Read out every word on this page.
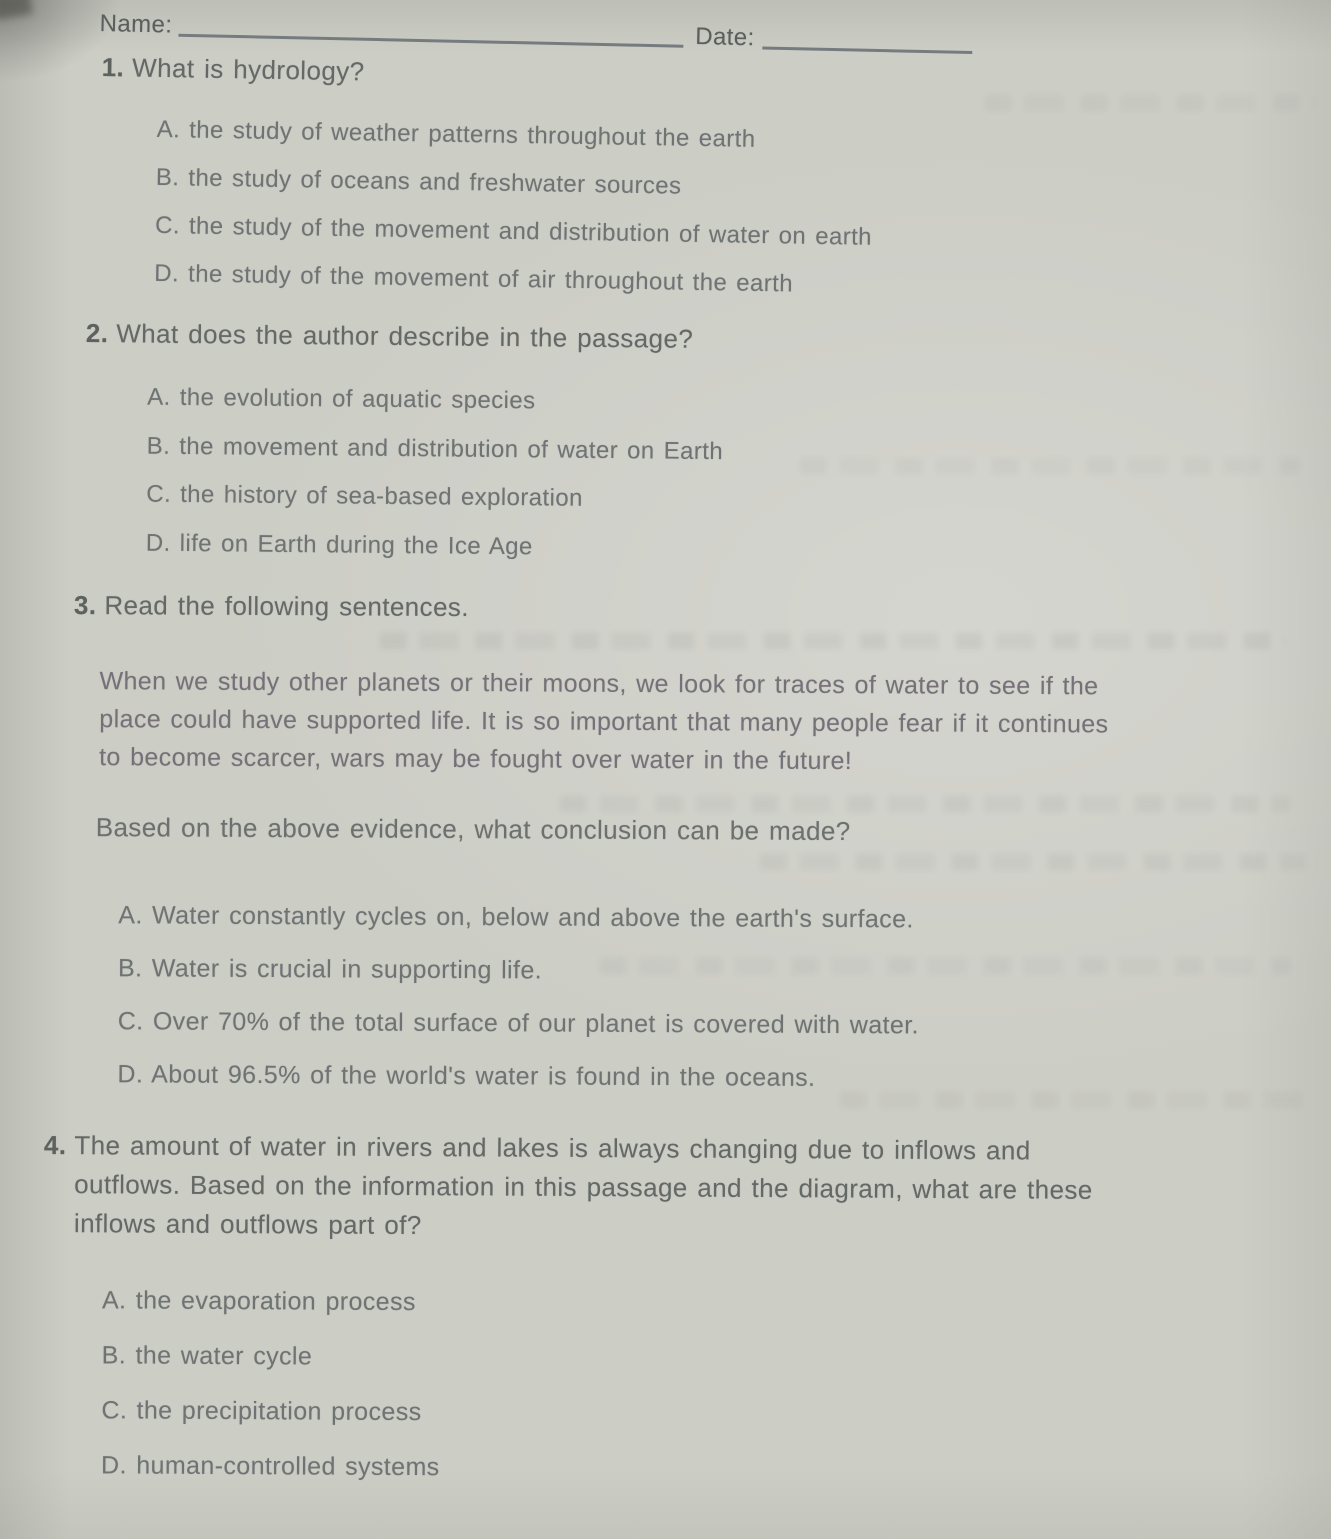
Name:	Date:
1. What is hydrology?
A. the study of weather patterns throughout the earth
B. the study of oceans and freshwater sources
C. the study of the movement and distribution of water on earth
D. the study of the movement of air throughout the earth
2. What does the author describe in the passage?
A. the evolution of aquatic species
B. the movement and distribution of water on Earth
C. the history of sea-based exploration
D. life on Earth during the Ice Age
3. Read the following sentences.
When we study other planets or their moons, we look for traces of water to see if the
place could have supported life. It is so important that many people fear if it continues
to become scarcer, wars may be fought over water in the future!
Based on the above evidence, what conclusion can be made?
A. Water constantly cycles on, below and above the earth's surface.
B. Water is crucial in supporting life.
C. Over 70% of the total surface of our planet is covered with water.
D. About 96.5% of the world's water is found in the oceans.
4. The amount of water in rivers and lakes is always changing due to inflows and
outflows. Based on the information in this passage and the diagram, what are these
inflows and outflows part of?
A. the evaporation process
B. the water cycle
C. the precipitation process
D. human-controlled systems
